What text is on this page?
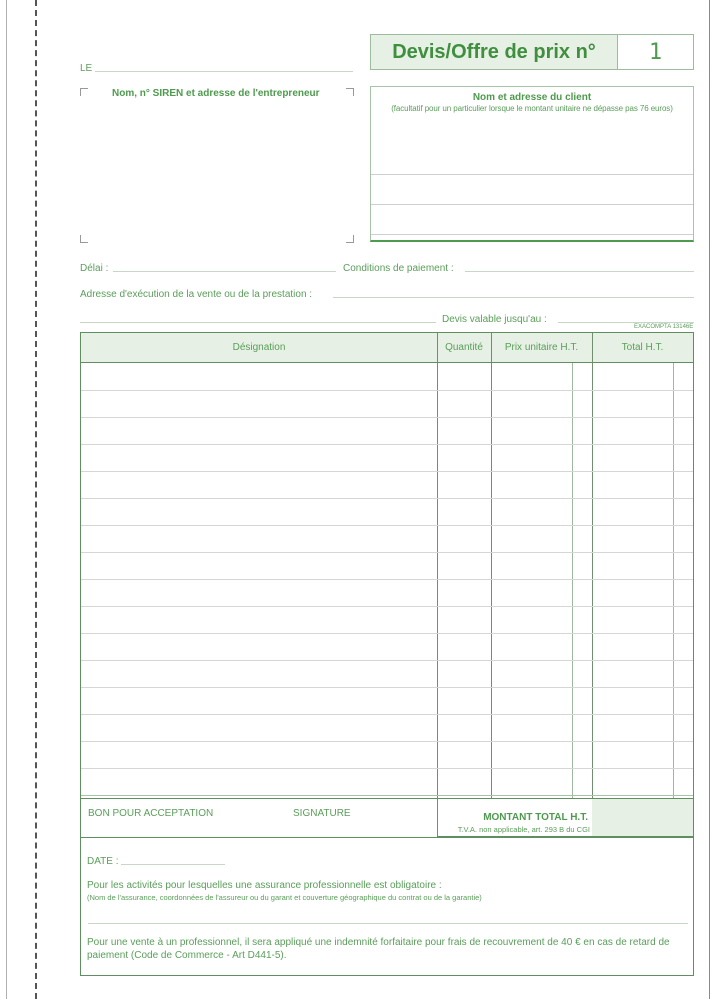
LE
Nom, n° SIREN et adresse de l'entrepreneur
Devis/Offre de prix n°	1
Nom et adresse du client
(facultatif pour un particulier lorsque le montant unitaire ne dépasse pas 76 euros)
Délai :	Conditions de paiement :
Adresse d'exécution de la vente ou de la prestation :
Devis valable jusqu'au :
EXACOMPTA 13146E
Désignation	Quantité	Prix unitaire H.T.	Total H.T.
MONTANT TOTAL H.T.
T.V.A. non applicable, art. 293 B du CGI
BON POUR ACCEPTATION	SIGNATURE
DATE :
Pour les activités pour lesquelles une assurance professionnelle est obligatoire :
(Nom de l'assurance, coordonnées de l'assureur ou du garant et couverture géographique du contrat ou de la garantie)
Pour une vente à un professionnel, il sera appliqué une indemnité forfaitaire pour frais de recouvrement de 40 € en cas de retard de paiement (Code de Commerce - Art D441-5).
